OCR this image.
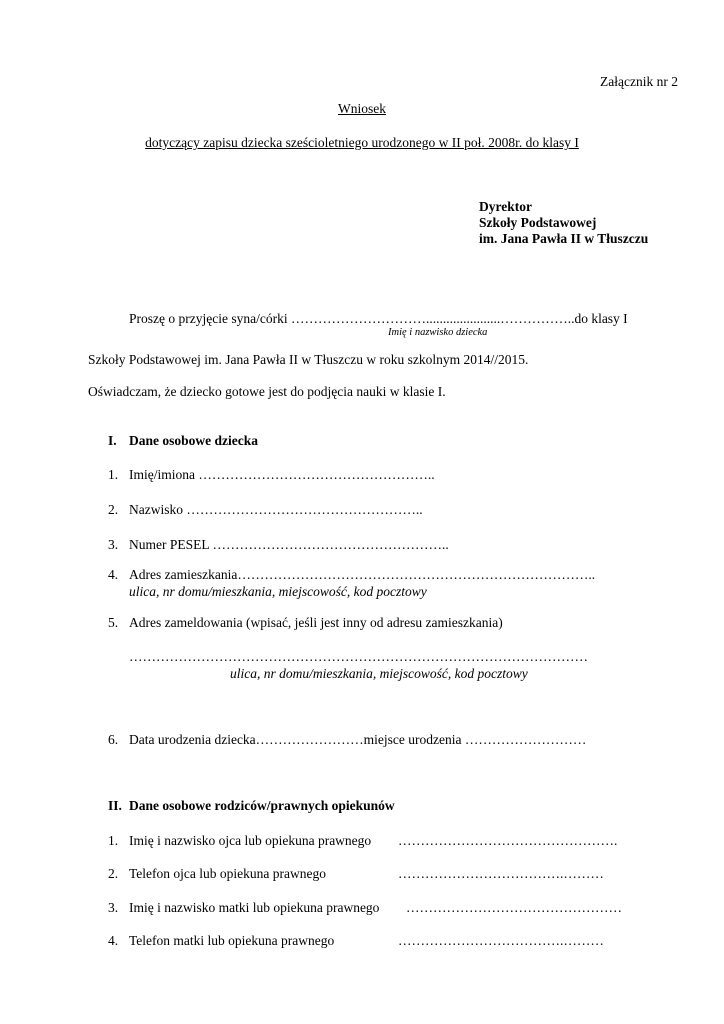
Załącznik nr 2
Wniosek
dotyczący zapisu dziecka sześcioletniego urodzonego w II poł. 2008r. do klasy I
Dyrektor
Szkoły Podstawowej
im. Jana Pawła II w Tłuszczu
Proszę o przyjęcie syna/córki …………………………......................……………..do klasy I
Imię i nazwisko dziecka
Szkoły Podstawowej im. Jana Pawła II w Tłuszczu w roku szkolnym 2014//2015.
Oświadczam, że dziecko gotowe jest do podjęcia nauki w klasie I.
I. Dane osobowe dziecka
1. Imię/imiona ……………………………………………..
2. Nazwisko ……………………………………………..
3. Numer PESEL ……………………………………………..
4. Adres zamieszkania……………………………………………………………………..
ulica, nr domu/mieszkania, miejscowość, kod pocztowy
5. Adres zameldowania (wpisać, jeśli jest inny od adresu zamieszkania)
…………………………………………………………………………………………
ulica, nr domu/mieszkania, miejscowość, kod pocztowy
6. Data urodzenia dziecka……………………miejsce urodzenia ………………………
II. Dane osobowe rodziców/prawnych opiekunów
1. Imię i nazwisko ojca lub opiekuna prawnego ………………………………………….
2. Telefon ojca lub opiekuna prawnego	……………………………….………
3. Imię i nazwisko matki lub opiekuna prawnego …………………………………………
4. Telefon matki lub opiekuna prawnego	……………………………….………
